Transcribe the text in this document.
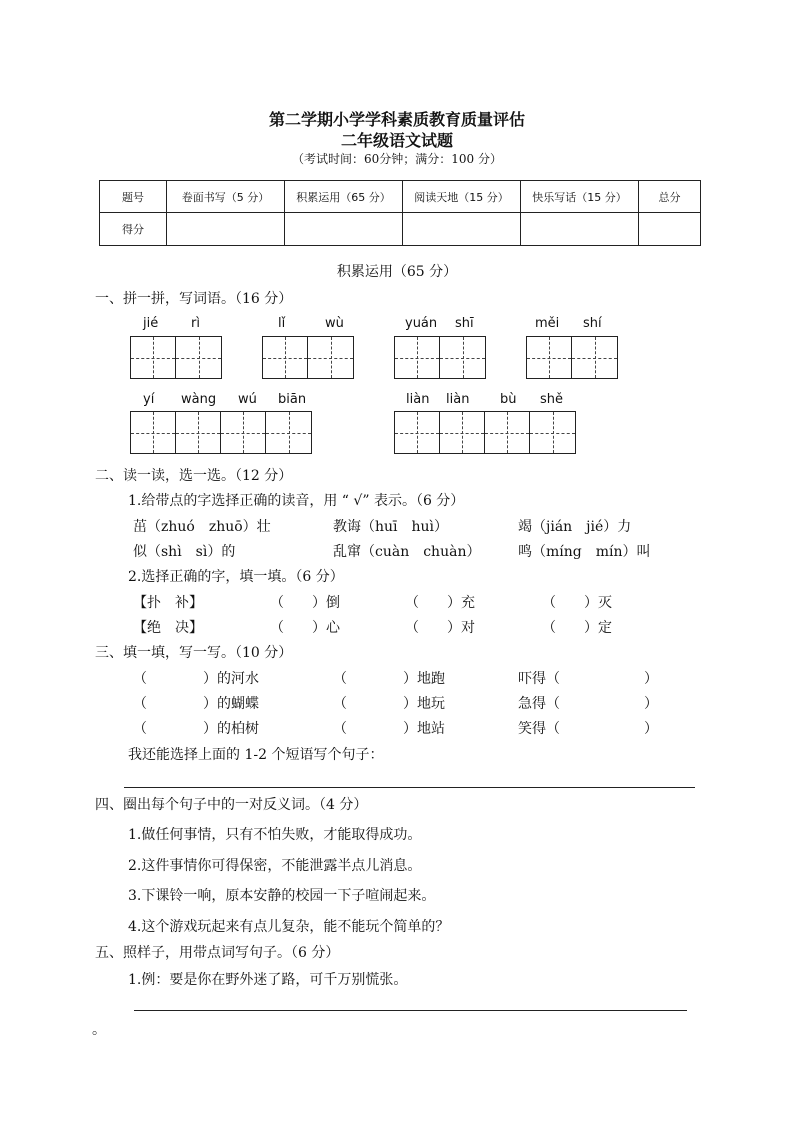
第二学期小学学科素质教育质量评估
二年级语文试题
（考试时间：60分钟；满分：100 分）
题号	卷面书写（5 分）	积累运用（65 分）	阅读天地（15 分）	快乐写话（15 分）	总分
得分					
积累运用（65 分）
一、拼一拼，写词语。（16 分）
jié	rì	lǐ	wù	yuán shī	měi shí
yí wàng wú biān	liàn liàn bù shě
二、读一读，选一选。（12 分）
1.给带点的字选择正确的读音，用 “ √” 表示。（6 分）
茁（zhuó　zhuō）壮	教诲（huī　huì）	竭（jián　jié）力
似（shì　sì）的	乱窜（cuàn　chuàn）	鸣（míng　mín）叫
2.选择正确的字，填一填。（6 分）
【扑　补】	（　　）倒	（　　）充	（　　）灭
【绝　决】	（　　）心	（　　）对	（　　）定
三、填一填，写一写。（10 分）
（　　　　）的河水	（　　　　）地跑	吓得（　　　　　　）
（　　　　）的蝴蝶	（　　　　）地玩	急得（　　　　　　）
（　　　　）的柏树	（　　　　）地站	笑得（　　　　　　）
我还能选择上面的 1-2 个短语写个句子：
四、圈出每个句子中的一对反义词。（4 分）
1.做任何事情，只有不怕失败，才能取得成功。
2.这件事情你可得保密，不能泄露半点儿消息。
3.下课铃一响，原本安静的校园一下子喧闹起来。
4.这个游戏玩起来有点儿复杂，能不能玩个简单的？
五、照样子，用带点词写句子。（6 分）
1.例：要是你在野外迷了路，可千万别慌张。
。
